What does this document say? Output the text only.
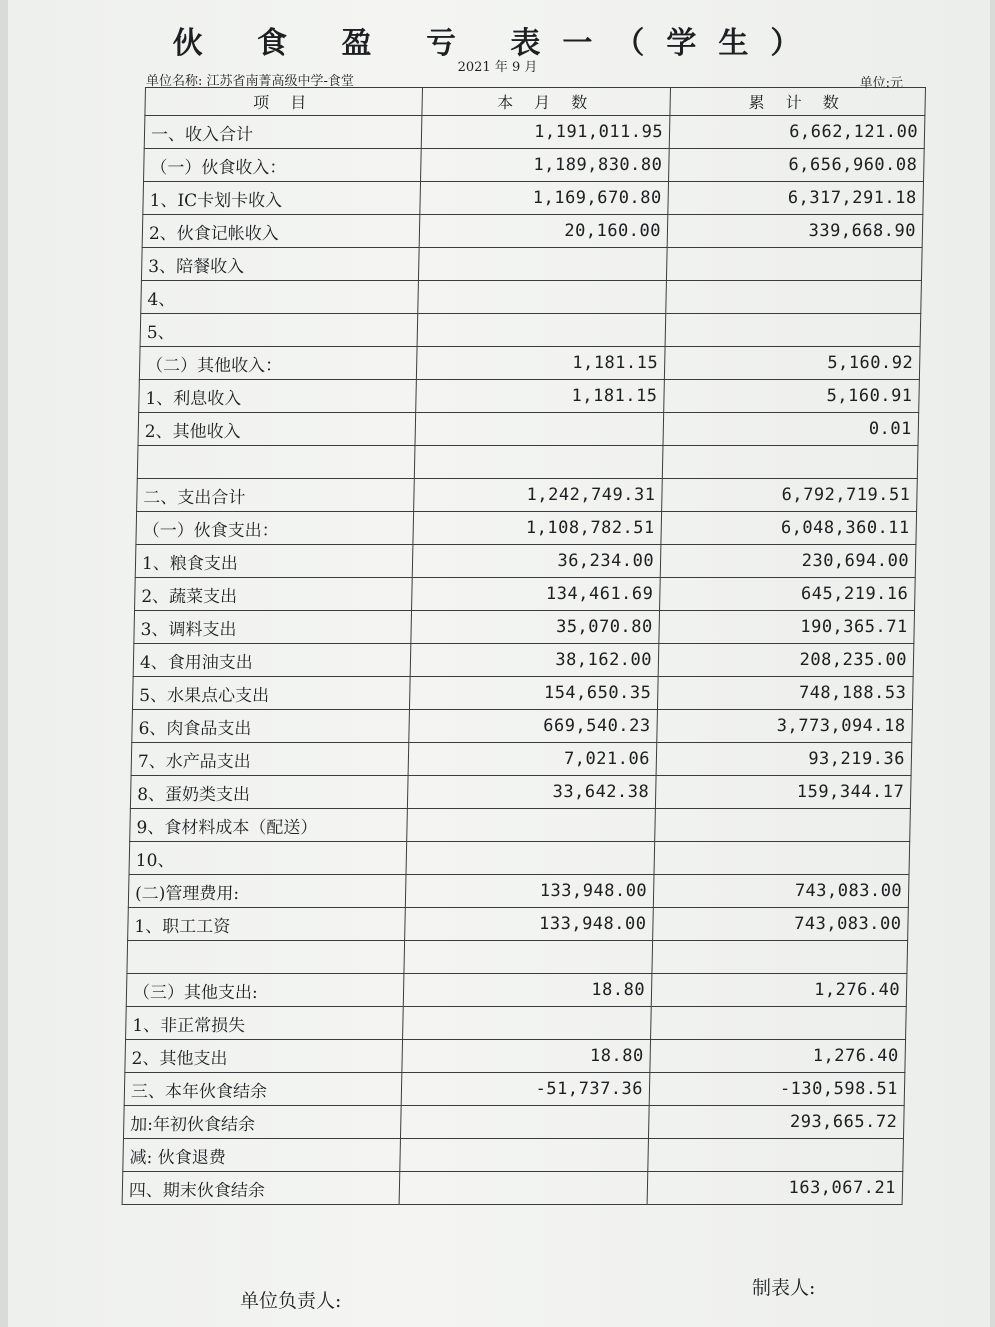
伙 食 盈 亏 表一（学生）
2021 年 9 月
单位名称: 江苏省南菁高级中学-食堂	单位:元
项 目	本 月 数	累 计 数
一、收入合计	1,191,011.95	6,662,121.00
（一）伙食收入：	1,189,830.80	6,656,960.08
1、IC卡划卡收入	1,169,670.80	6,317,291.18
2、伙食记帐收入	20,160.00	339,668.90
3、陪餐收入		
4、		
5、		
（二）其他收入：	1,181.15	5,160.92
1、利息收入	1,181.15	5,160.91
2、其他收入		0.01

二、支出合计	1,242,749.31	6,792,719.51
（一）伙食支出：	1,108,782.51	6,048,360.11
1、粮食支出	36,234.00	230,694.00
2、蔬菜支出	134,461.69	645,219.16
3、调料支出	35,070.80	190,365.71
4、食用油支出	38,162.00	208,235.00
5、水果点心支出	154,650.35	748,188.53
6、肉食品支出	669,540.23	3,773,094.18
7、水产品支出	7,021.06	93,219.36
8、蛋奶类支出	33,642.38	159,344.17
9、食材料成本（配送）		
10、		
(二)管理费用:	133,948.00	743,083.00
1、职工工资	133,948.00	743,083.00

（三）其他支出:	18.80	1,276.40
1、非正常损失		
2、其他支出	18.80	1,276.40
三、本年伙食结余	-51,737.36	-130,598.51
加:年初伙食结余		293,665.72
减: 伙食退费		
四、期末伙食结余		163,067.21
单位负责人:
制表人:
